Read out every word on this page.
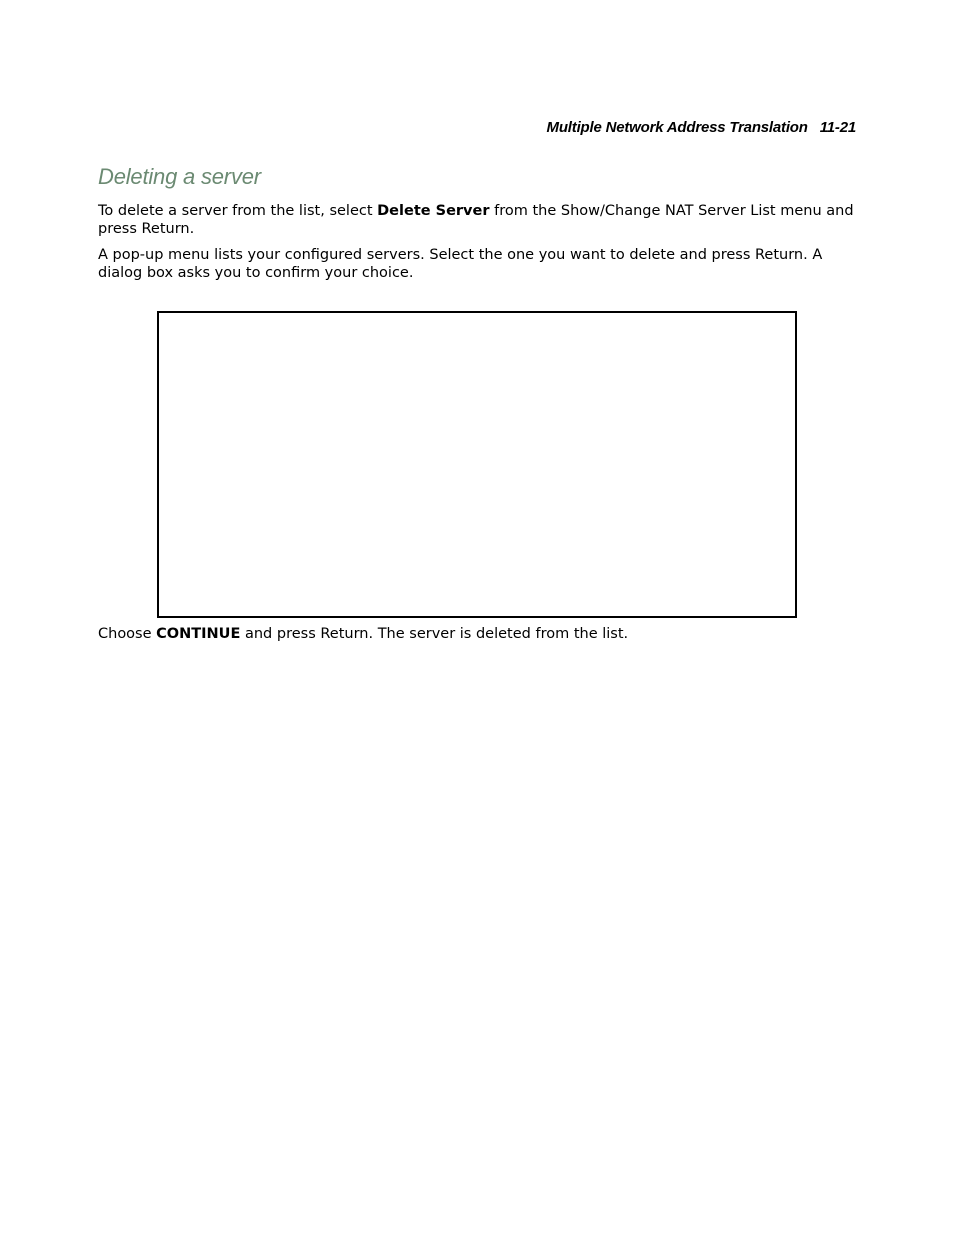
Multiple Network Address Translation 11-21
Deleting a server

To delete a server from the list, select Delete Server from the Show/Change NAT Server List menu and press Return.

A pop-up menu lists your configured servers. Select the one you want to delete and press Return. A dialog box asks you to confirm your choice.

Choose CONTINUE and press Return. The server is deleted from the list.
